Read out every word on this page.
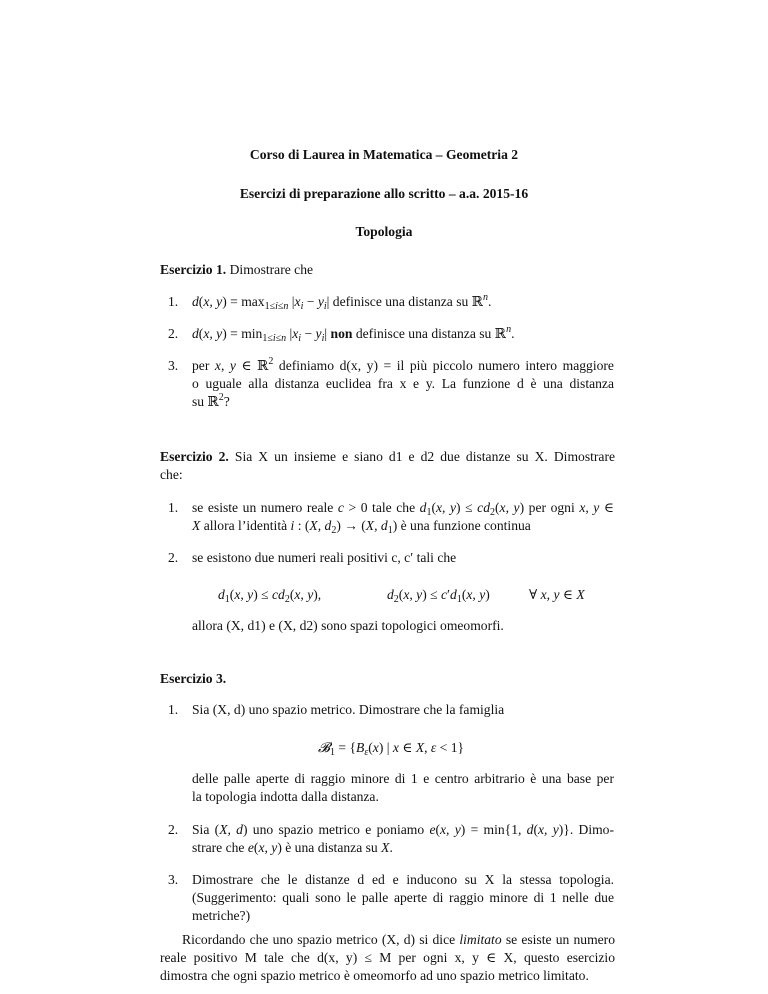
Corso di Laurea in Matematica – Geometria 2
Esercizi di preparazione allo scritto – a.a. 2015-16
Topologia
Esercizio 1. Dimostrare che
1. d(x, $y) = \max_{1\le i\le n} |x_i - y_i|$ definisce una distanza su ℝ$^n$.
2. d(x, $y) = \min_{1\le i\le n} |x_i - y_i|$ non definisce una distanza su ℝ$^n$.
3. per x, y ∈ ℝ$^2$ definiamo d(x, y) = il più piccolo numero intero maggiore
o uguale alla distanza euclidea fra x e y. La funzione d è una distanza
su ℝ$^2$?
Esercizio 2. Sia X un insieme e siano d1 e d2 due distanze su X. Dimostrare
che:
1. se esiste un numero reale c > 0 tale che $d_1(x$, $y) \le cd_2(x$, y) per ogni x, y ∈
X allora l’identità i : (X, $d_2) \to (X$, $d_1$) è una funzione continua
2. se esistono due numeri reali positivi c, c′ tali che
$d_1(x$, $y) \le cd_2(x$, y),	$d_2(x$, $y) \le c'd_1(x$, y)	∀ x, y ∈ X
allora (X, d1) e (X, d2) sono spazi topologici omeomorfi.
Esercizio 3.
1. Sia (X, d) uno spazio metrico. Dimostrare che la famiglia
𝓑$_1$ = {$B_\varepsilon(x)$ | x ∈ X, ε < 1}
delle palle aperte di raggio minore di 1 e centro arbitrario è una base per
la topologia indotta dalla distanza.
2. Sia (X, d) uno spazio metrico e poniamo e(x, y) = min{1, d(x, y)}. Dimo-
strare che e(x, y) è una distanza su X.
3. Dimostrare che le distanze d ed e inducono su X la stessa topologia.
(Suggerimento: quali sono le palle aperte di raggio minore di 1 nelle due
metriche?)
Ricordando che uno spazio metrico (X, d) si dice limitato se esiste un numero
reale positivo M tale che d(x, y) ≤ M per ogni x, y ∈ X, questo esercizio
dimostra che ogni spazio metrico è omeomorfo ad uno spazio metrico limitato.
